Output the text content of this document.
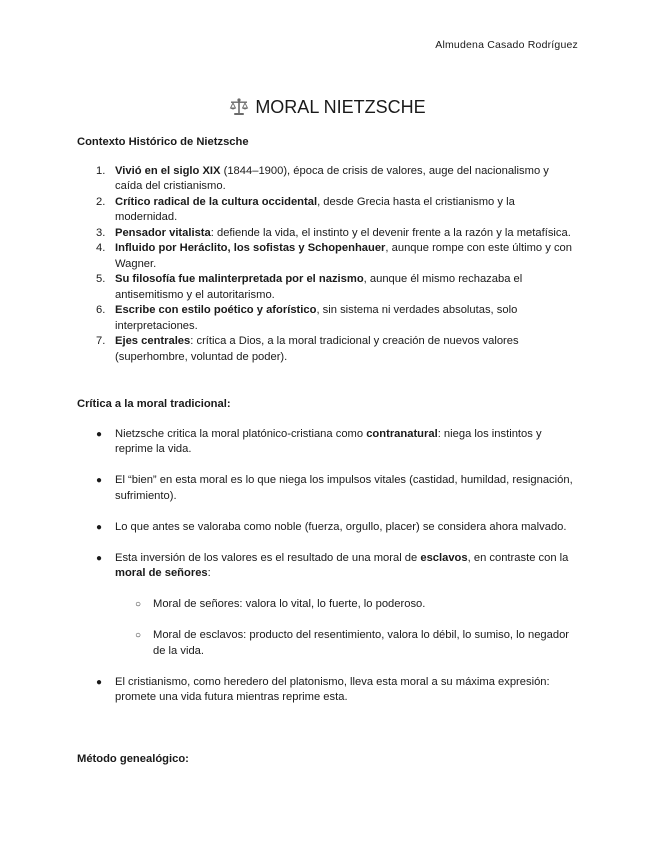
Almudena Casado Rodríguez
MORAL NIETZSCHE
Contexto Histórico de Nietzsche
1. Vivió en el siglo XIX (1844–1900), época de crisis de valores, auge del nacionalismo y caída del cristianismo.
2. Crítico radical de la cultura occidental, desde Grecia hasta el cristianismo y la modernidad.
3. Pensador vitalista: defiende la vida, el instinto y el devenir frente a la razón y la metafísica.
4. Influido por Heráclito, los sofistas y Schopenhauer, aunque rompe con este último y con Wagner.
5. Su filosofía fue malinterpretada por el nazismo, aunque él mismo rechazaba el antisemitismo y el autoritarismo.
6. Escribe con estilo poético y aforístico, sin sistema ni verdades absolutas, solo interpretaciones.
7. Ejes centrales: crítica a Dios, a la moral tradicional y creación de nuevos valores (superhombre, voluntad de poder).
Crítica a la moral tradicional:
● Nietzsche critica la moral platónico-cristiana como contranatural: niega los instintos y reprime la vida.
● El “bien” en esta moral es lo que niega los impulsos vitales (castidad, humildad, resignación, sufrimiento).
● Lo que antes se valoraba como noble (fuerza, orgullo, placer) se considera ahora malvado.
● Esta inversión de los valores es el resultado de una moral de esclavos, en contraste con la moral de señores:
○ Moral de señores: valora lo vital, lo fuerte, lo poderoso.
○ Moral de esclavos: producto del resentimiento, valora lo débil, lo sumiso, lo negador de la vida.
● El cristianismo, como heredero del platonismo, lleva esta moral a su máxima expresión: promete una vida futura mientras reprime esta.
Método genealógico:
